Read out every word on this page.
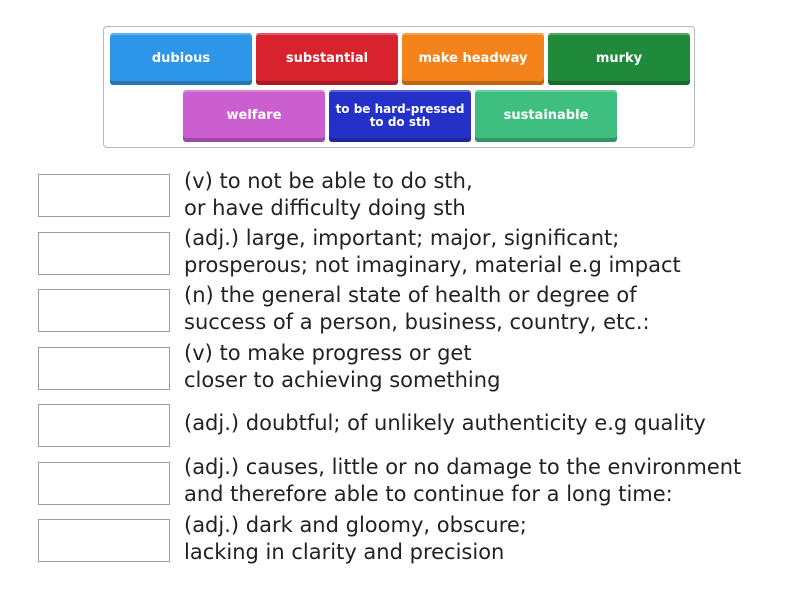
dubious	substantial	make headway	murky
welfare	to be hard-pressed
to do sth	sustainable
(v) to not be able to do sth,
or have difficulty doing sth
(adj.) large, important; major, significant;
prosperous; not imaginary, material e.g impact
(n) the general state of health or degree of
success of a person, business, country, etc.:
(v) to make progress or get
closer to achieving something
(adj.) doubtful; of unlikely authenticity e.g quality
(adj.) causes, little or no damage to the environment
and therefore able to continue for a long time:
(adj.) dark and gloomy, obscure;
lacking in clarity and precision
